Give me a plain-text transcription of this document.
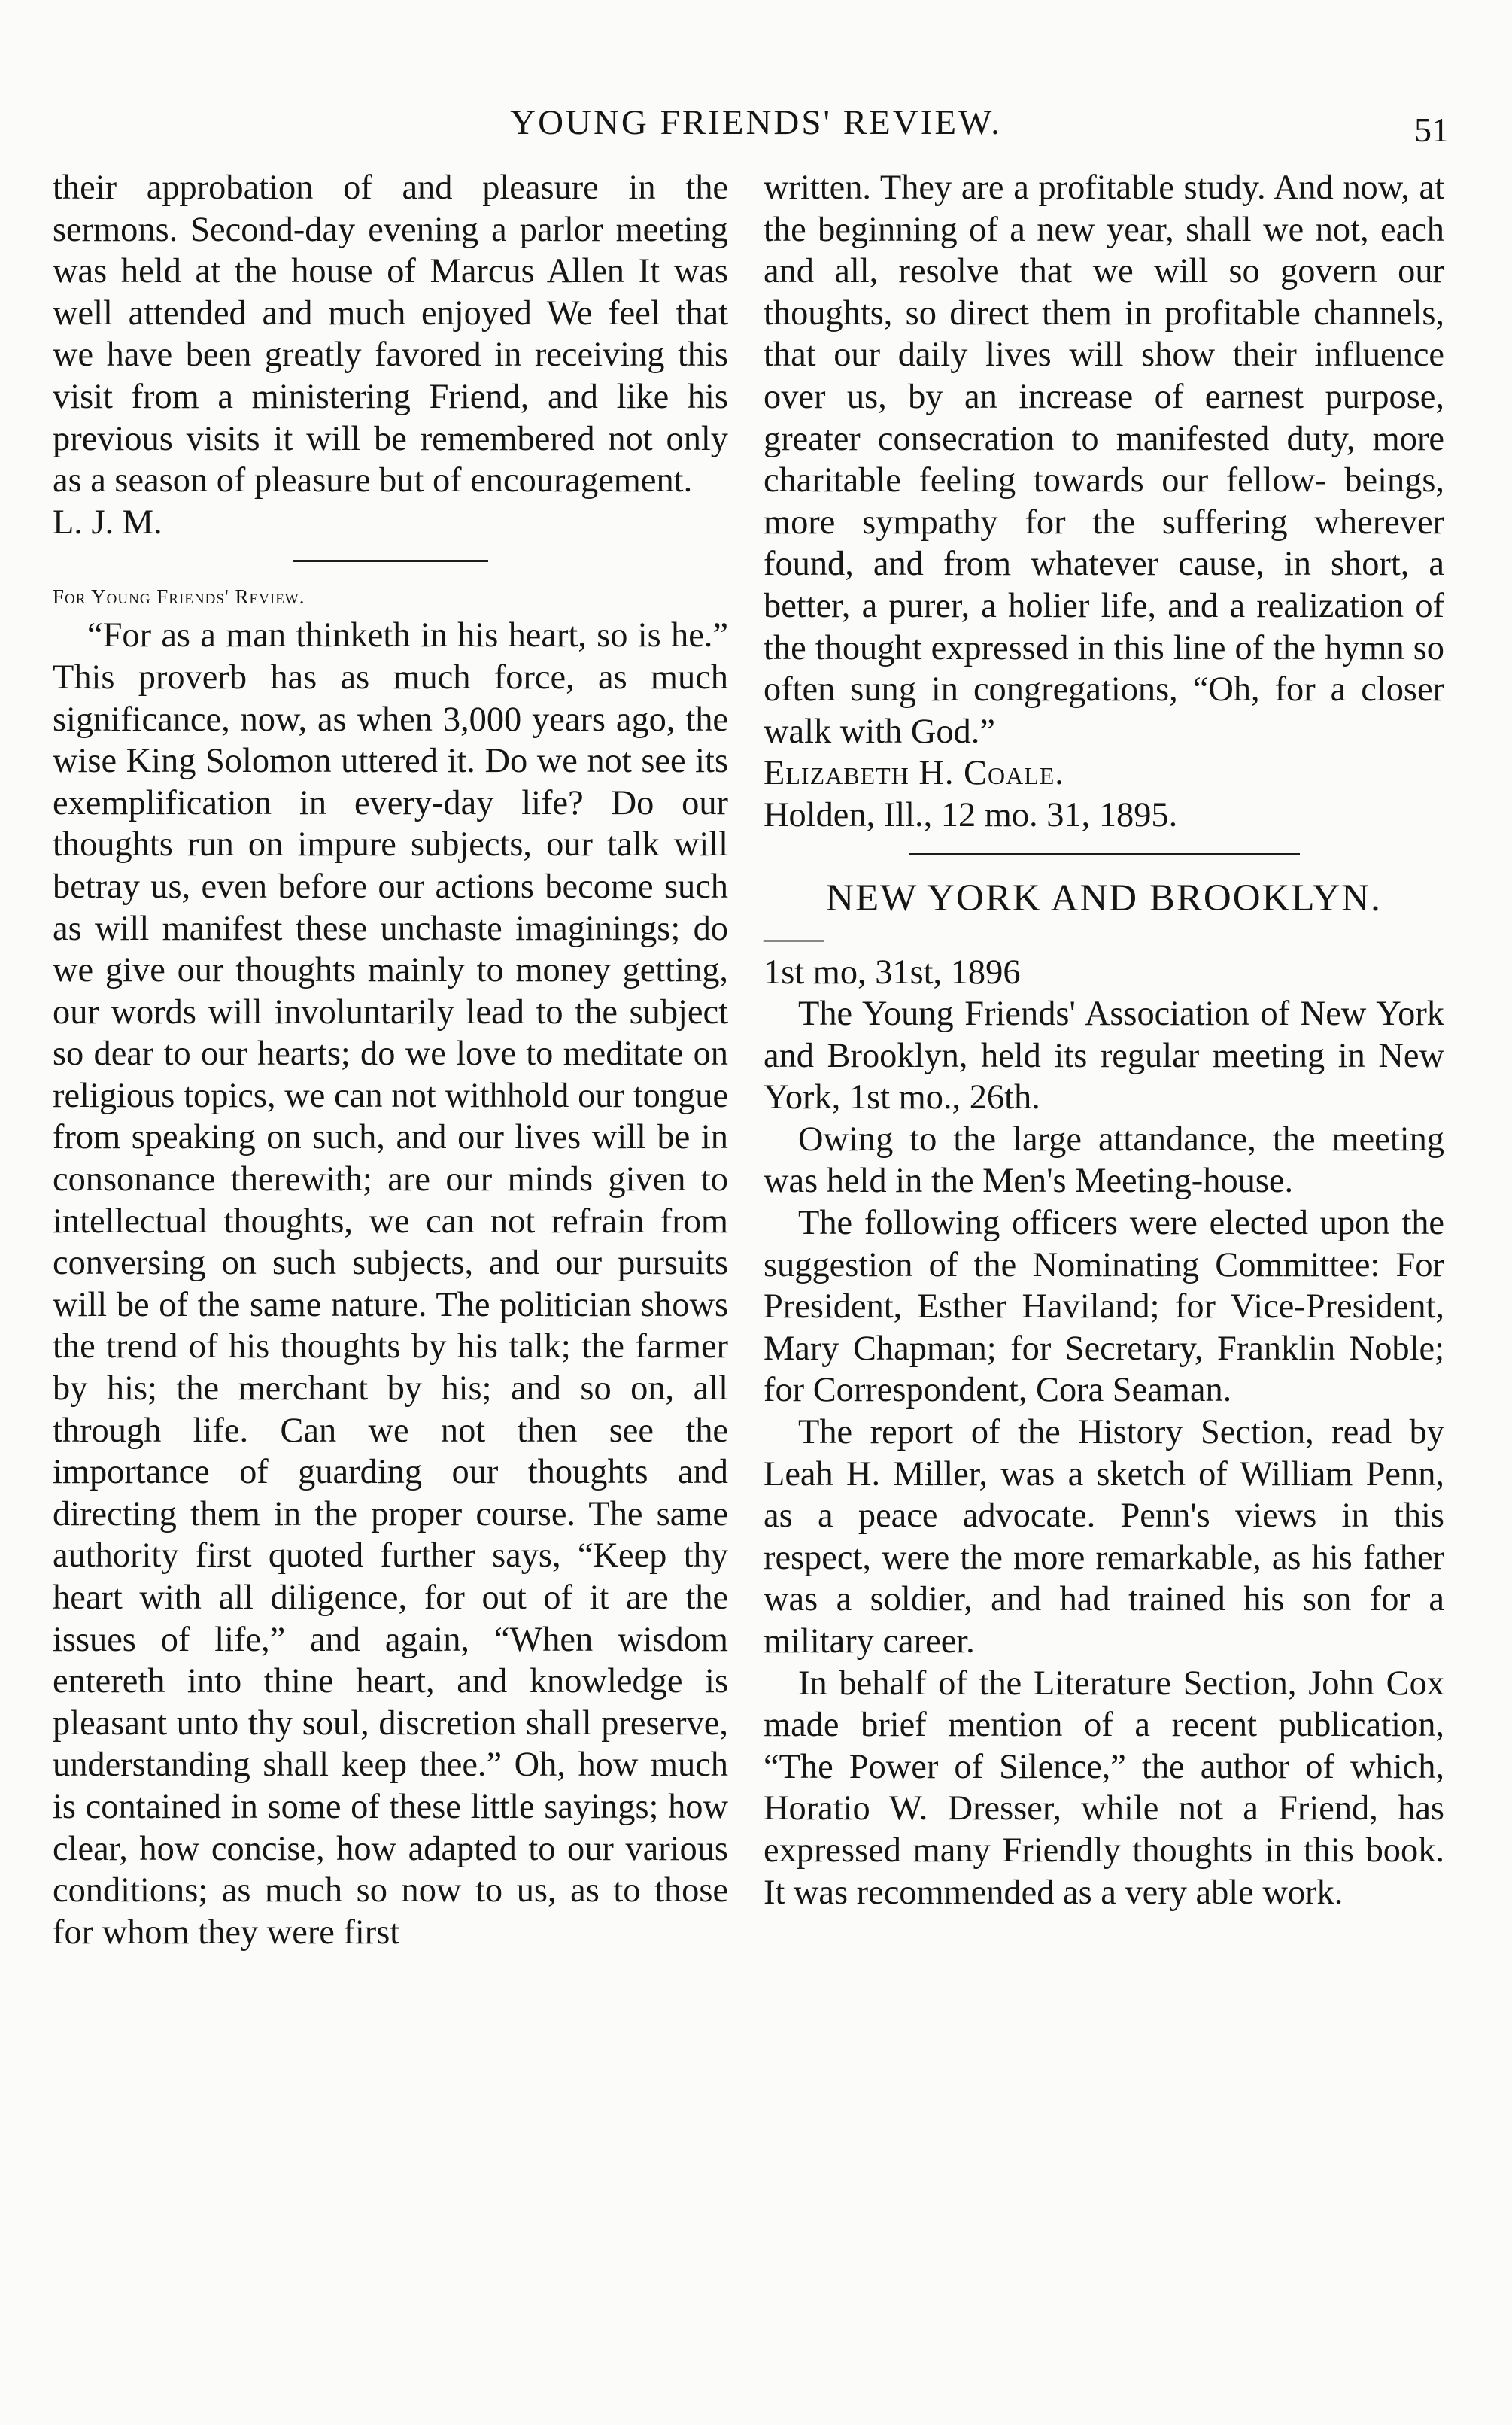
YOUNG FRIENDS' REVIEW.	51

their approbation of and pleasure in the sermons. Second-day evening a parlor meeting was held at the house of Marcus Allen It was well attended and much enjoyed We feel that we have been greatly favored in receiving this visit from a ministering Friend, and like his previous visits it will be remembered not only as a season of pleasure but of encouragement.

L. J. M.

For Young Friends' Review.

“For as a man thinketh in his heart, so is he.” This proverb has as much force, as much significance, now, as when 3,000 years ago, the wise King Solomon uttered it. Do we not see its exemplification in every-day life? Do our thoughts run on impure subjects, our talk will betray us, even before our actions become such as will manifest these unchaste imaginings; do we give our thoughts mainly to money getting, our words will involuntarily lead to the subject so dear to our hearts; do we love to meditate on religious topics, we can not withhold our tongue from speaking on such, and our lives will be in consonance therewith; are our minds given to intellectual thoughts, we can not refrain from conversing on such subjects, and our pursuits will be of the same nature. The politician shows the trend of his thoughts by his talk; the farmer by his; the merchant by his; and so on, all through life. Can we not then see the importance of guarding our thoughts and directing them in the proper course. The same authority first quoted further says, “Keep thy heart with all diligence, for out of it are the issues of life,” and again, “When wisdom entereth into thine heart, and knowledge is pleasant unto thy soul, discretion shall preserve, understanding shall keep thee.” Oh, how much is contained in some of these little sayings; how clear, how concise, how adapted to our various conditions; as much so now to us, as to those for whom they were first

written. They are a profitable study. And now, at the beginning of a new year, shall we not, each and all, resolve that we will so govern our thoughts, so direct them in profitable channels, that our daily lives will show their influence over us, by an increase of earnest purpose, greater consecration to manifested duty, more charitable feeling towards our fellow- beings, more sympathy for the suffering wherever found, and from whatever cause, in short, a better, a purer, a holier life, and a realization of the thought expressed in this line of the hymn so often sung in congregations, “Oh, for a closer walk with God.”

Elizabeth H. Coale.

Holden, Ill., 12 mo. 31, 1895.

NEW YORK AND BROOKLYN.

——

1st mo, 31st, 1896

The Young Friends' Association of New York and Brooklyn, held its regular meeting in New York, 1st mo., 26th.

Owing to the large attandance, the meeting was held in the Men's Meeting-house.

The following officers were elected upon the suggestion of the Nominating Committee: For President, Esther Haviland; for Vice-President, Mary Chapman; for Secretary, Franklin Noble; for Correspondent, Cora Seaman.

The report of the History Section, read by Leah H. Miller, was a sketch of William Penn, as a peace advocate. Penn's views in this respect, were the more remarkable, as his father was a soldier, and had trained his son for a military career.

In behalf of the Literature Section, John Cox made brief mention of a recent publication, “The Power of Silence,” the author of which, Horatio W. Dresser, while not a Friend, has expressed many Friendly thoughts in this book. It was recommended as a very able work.
